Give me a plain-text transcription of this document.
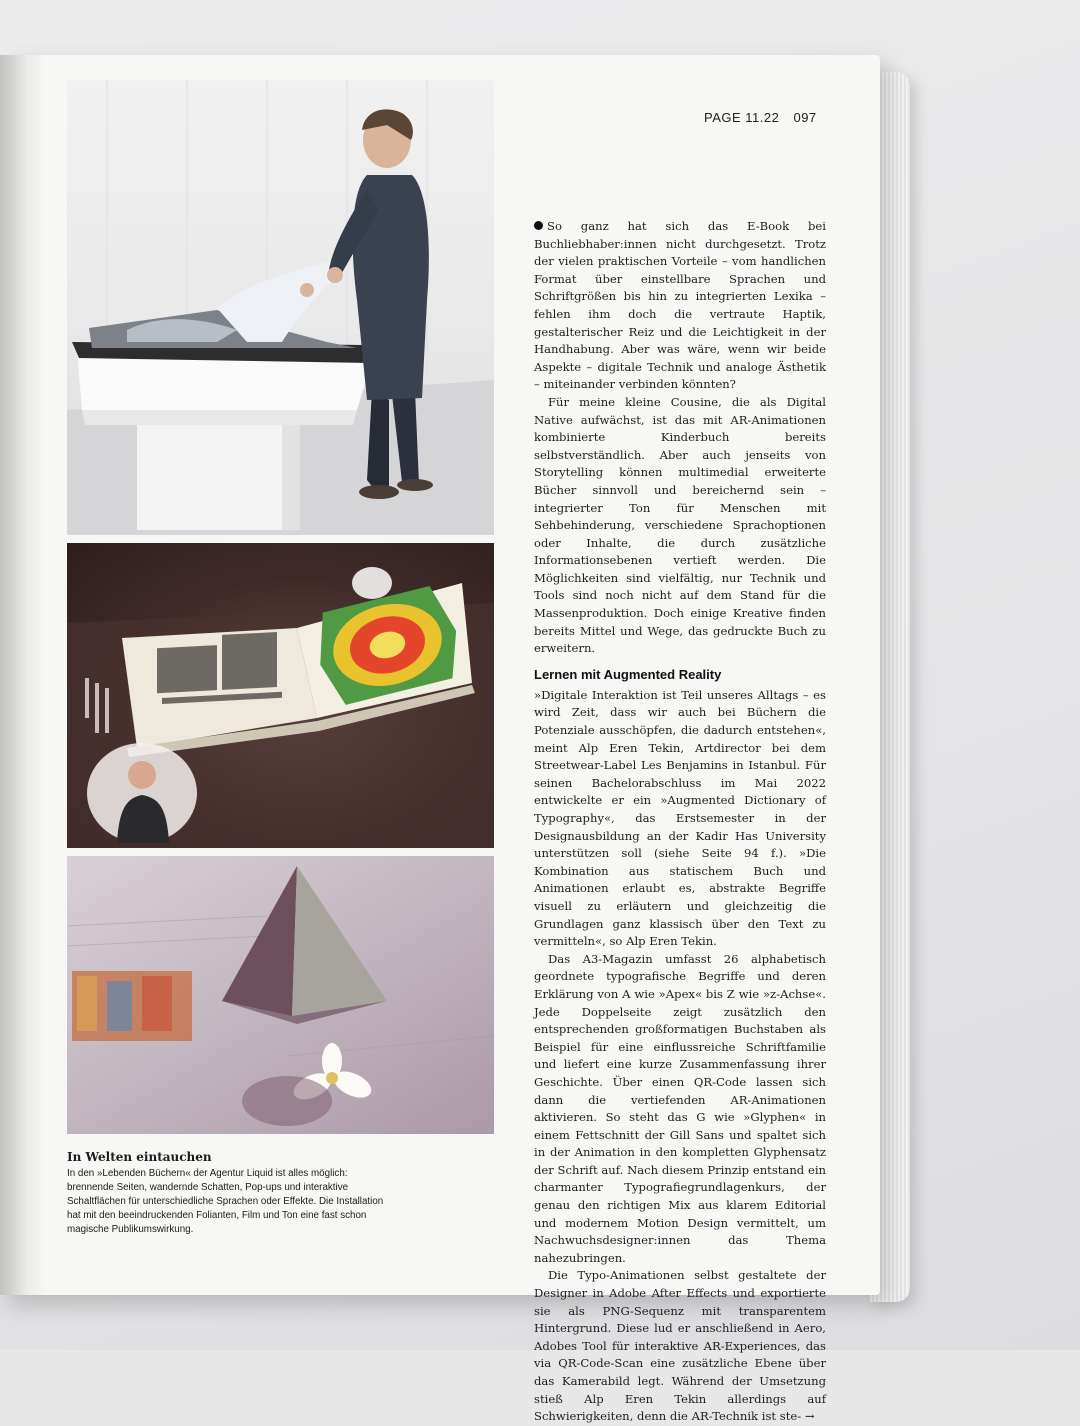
PAGE 11.22 097

So ganz hat sich das E-Book bei Buchliebhaber:innen nicht durchgesetzt. Trotz der vielen praktischen Vorteile – vom handlichen Format über einstellbare Sprachen und Schriftgrößen bis hin zu integrierten Lexika – fehlen ihm doch die vertraute Haptik, gestalterischer Reiz und die Leichtigkeit in der Handhabung. Aber was wäre, wenn wir beide Aspekte – digitale Technik und analoge Ästhetik – miteinander verbinden könnten?

Für meine kleine Cousine, die als Digital Native aufwächst, ist das mit AR-Animationen kombinierte Kinderbuch bereits selbstverständlich. Aber auch jenseits von Storytelling können multimedial erweiterte Bücher sinnvoll und bereichernd sein – integrierter Ton für Menschen mit Sehbehinderung, verschiedene Sprachoptionen oder Inhalte, die durch zusätzliche Informationsebenen vertieft werden. Die Möglichkeiten sind vielfältig, nur Technik und Tools sind noch nicht auf dem Stand für die Massenproduktion. Doch einige Kreative finden bereits Mittel und Wege, das gedruckte Buch zu erweitern.

Lernen mit Augmented Reality

»Digitale Interaktion ist Teil unseres Alltags – es wird Zeit, dass wir auch bei Büchern die Potenziale ausschöpfen, die dadurch entstehen«, meint Alp Eren Tekin, Artdirector bei dem Streetwear-Label Les Benjamins in Istanbul. Für seinen Bachelorabschluss im Mai 2022 entwickelte er ein »Augmented Dictionary of Typography«, das Erstsemester in der Designausbildung an der Kadir Has University unterstützen soll (siehe Seite 94 f.). »Die Kombination aus statischem Buch und Animationen erlaubt es, abstrakte Begriffe visuell zu erläutern und gleichzeitig die Grundlagen ganz klassisch über den Text zu vermitteln«, so Alp Eren Tekin.

Das A3-Magazin umfasst 26 alphabetisch geordnete typografische Begriffe und deren Erklärung von A wie »Apex« bis Z wie »z-Achse«. Jede Doppelseite zeigt zusätzlich den entsprechenden großformatigen Buchstaben als Beispiel für eine einflussreiche Schriftfamilie und liefert eine kurze Zusammenfassung ihrer Geschichte. Über einen QR-Code lassen sich dann die vertiefenden AR-Animationen aktivieren. So steht das G wie »Glyphen« in einem Fettschnitt der Gill Sans und spaltet sich in der Animation in den kompletten Glyphensatz der Schrift auf. Nach diesem Prinzip entstand ein charmanter Typografiegrundlagenkurs, der genau den richtigen Mix aus klarem Editorial und modernem Motion Design vermittelt, um Nachwuchsdesigner:innen das Thema nahezubringen.

Die Typo-Animationen selbst gestaltete der Designer in Adobe After Effects und exportierte sie als PNG-Sequenz mit transparentem Hintergrund. Diese lud er anschließend in Aero, Adobes Tool für interaktive AR-Experiences, das via QR-Code-Scan eine zusätzliche Ebene über das Kamerabild legt. Während der Umsetzung stieß Alp Eren Tekin allerdings auf Schwierigkeiten, denn die AR-Technik ist ste- →

In Welten eintauchen
In den »Lebenden Büchern« der Agentur Liquid ist alles möglich: brennende Seiten, wandernde Schatten, Pop-ups und interaktive Schaltflächen für unterschiedliche Sprachen oder Effekte. Die Installation hat mit den beeindruckenden Folianten, Film und Ton eine fast schon magische Publikumswirkung.
